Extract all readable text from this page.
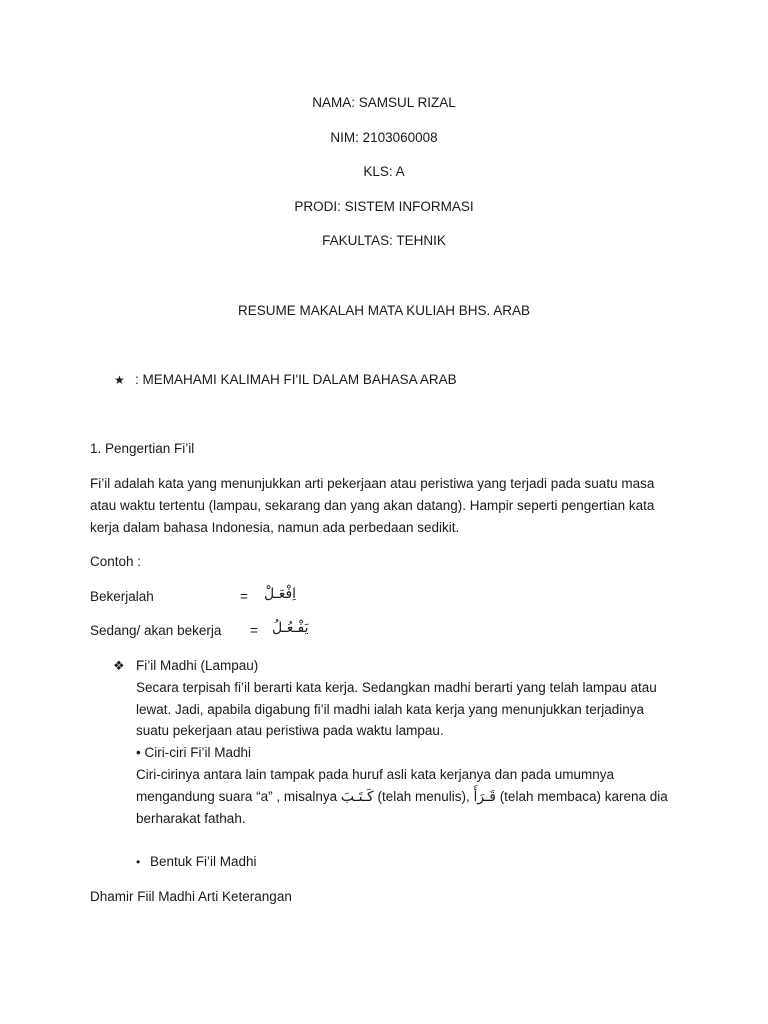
NAMA: SAMSUL RIZAL
NIM: 2103060008
KLS: A
PRODI: SISTEM INFORMASI
FAKULTAS: TEHNIK
RESUME MAKALAH MATA KULIAH BHS. ARAB
★ : MEMAHAMI KALIMAH FI'IL DALAM BAHASA ARAB
1. Pengertian Fi’il
Fi’il adalah kata yang menunjukkan arti pekerjaan atau peristiwa yang terjadi pada suatu masa
atau waktu tertentu (lampau, sekarang dan yang akan datang). Hampir seperti pengertian kata
kerja dalam bahasa Indonesia, namun ada perbedaan sedikit.
Contoh :
Bekerjalah	= اِفْعَـلْ
Sedang/ akan bekerja = يَفْـعُـلُ
❖ Fi’il Madhi (Lampau)
Secara terpisah fi’il berarti kata kerja. Sedangkan madhi berarti yang telah lampau atau
lewat. Jadi, apabila digabung fi’il madhi ialah kata kerja yang menunjukkan terjadinya
suatu pekerjaan atau peristiwa pada waktu lampau.
• Ciri-ciri Fi’il Madhi
Ciri-cirinya antara lain tampak pada huruf asli kata kerjanya dan pada umumnya
mengandung suara “a” , misalnya كَـتَـبَ (telah menulis), قَـرَأَ (telah membaca) karena dia
berharakat fathah.
• Bentuk Fi’il Madhi
Dhamir Fiil Madhi Arti Keterangan
